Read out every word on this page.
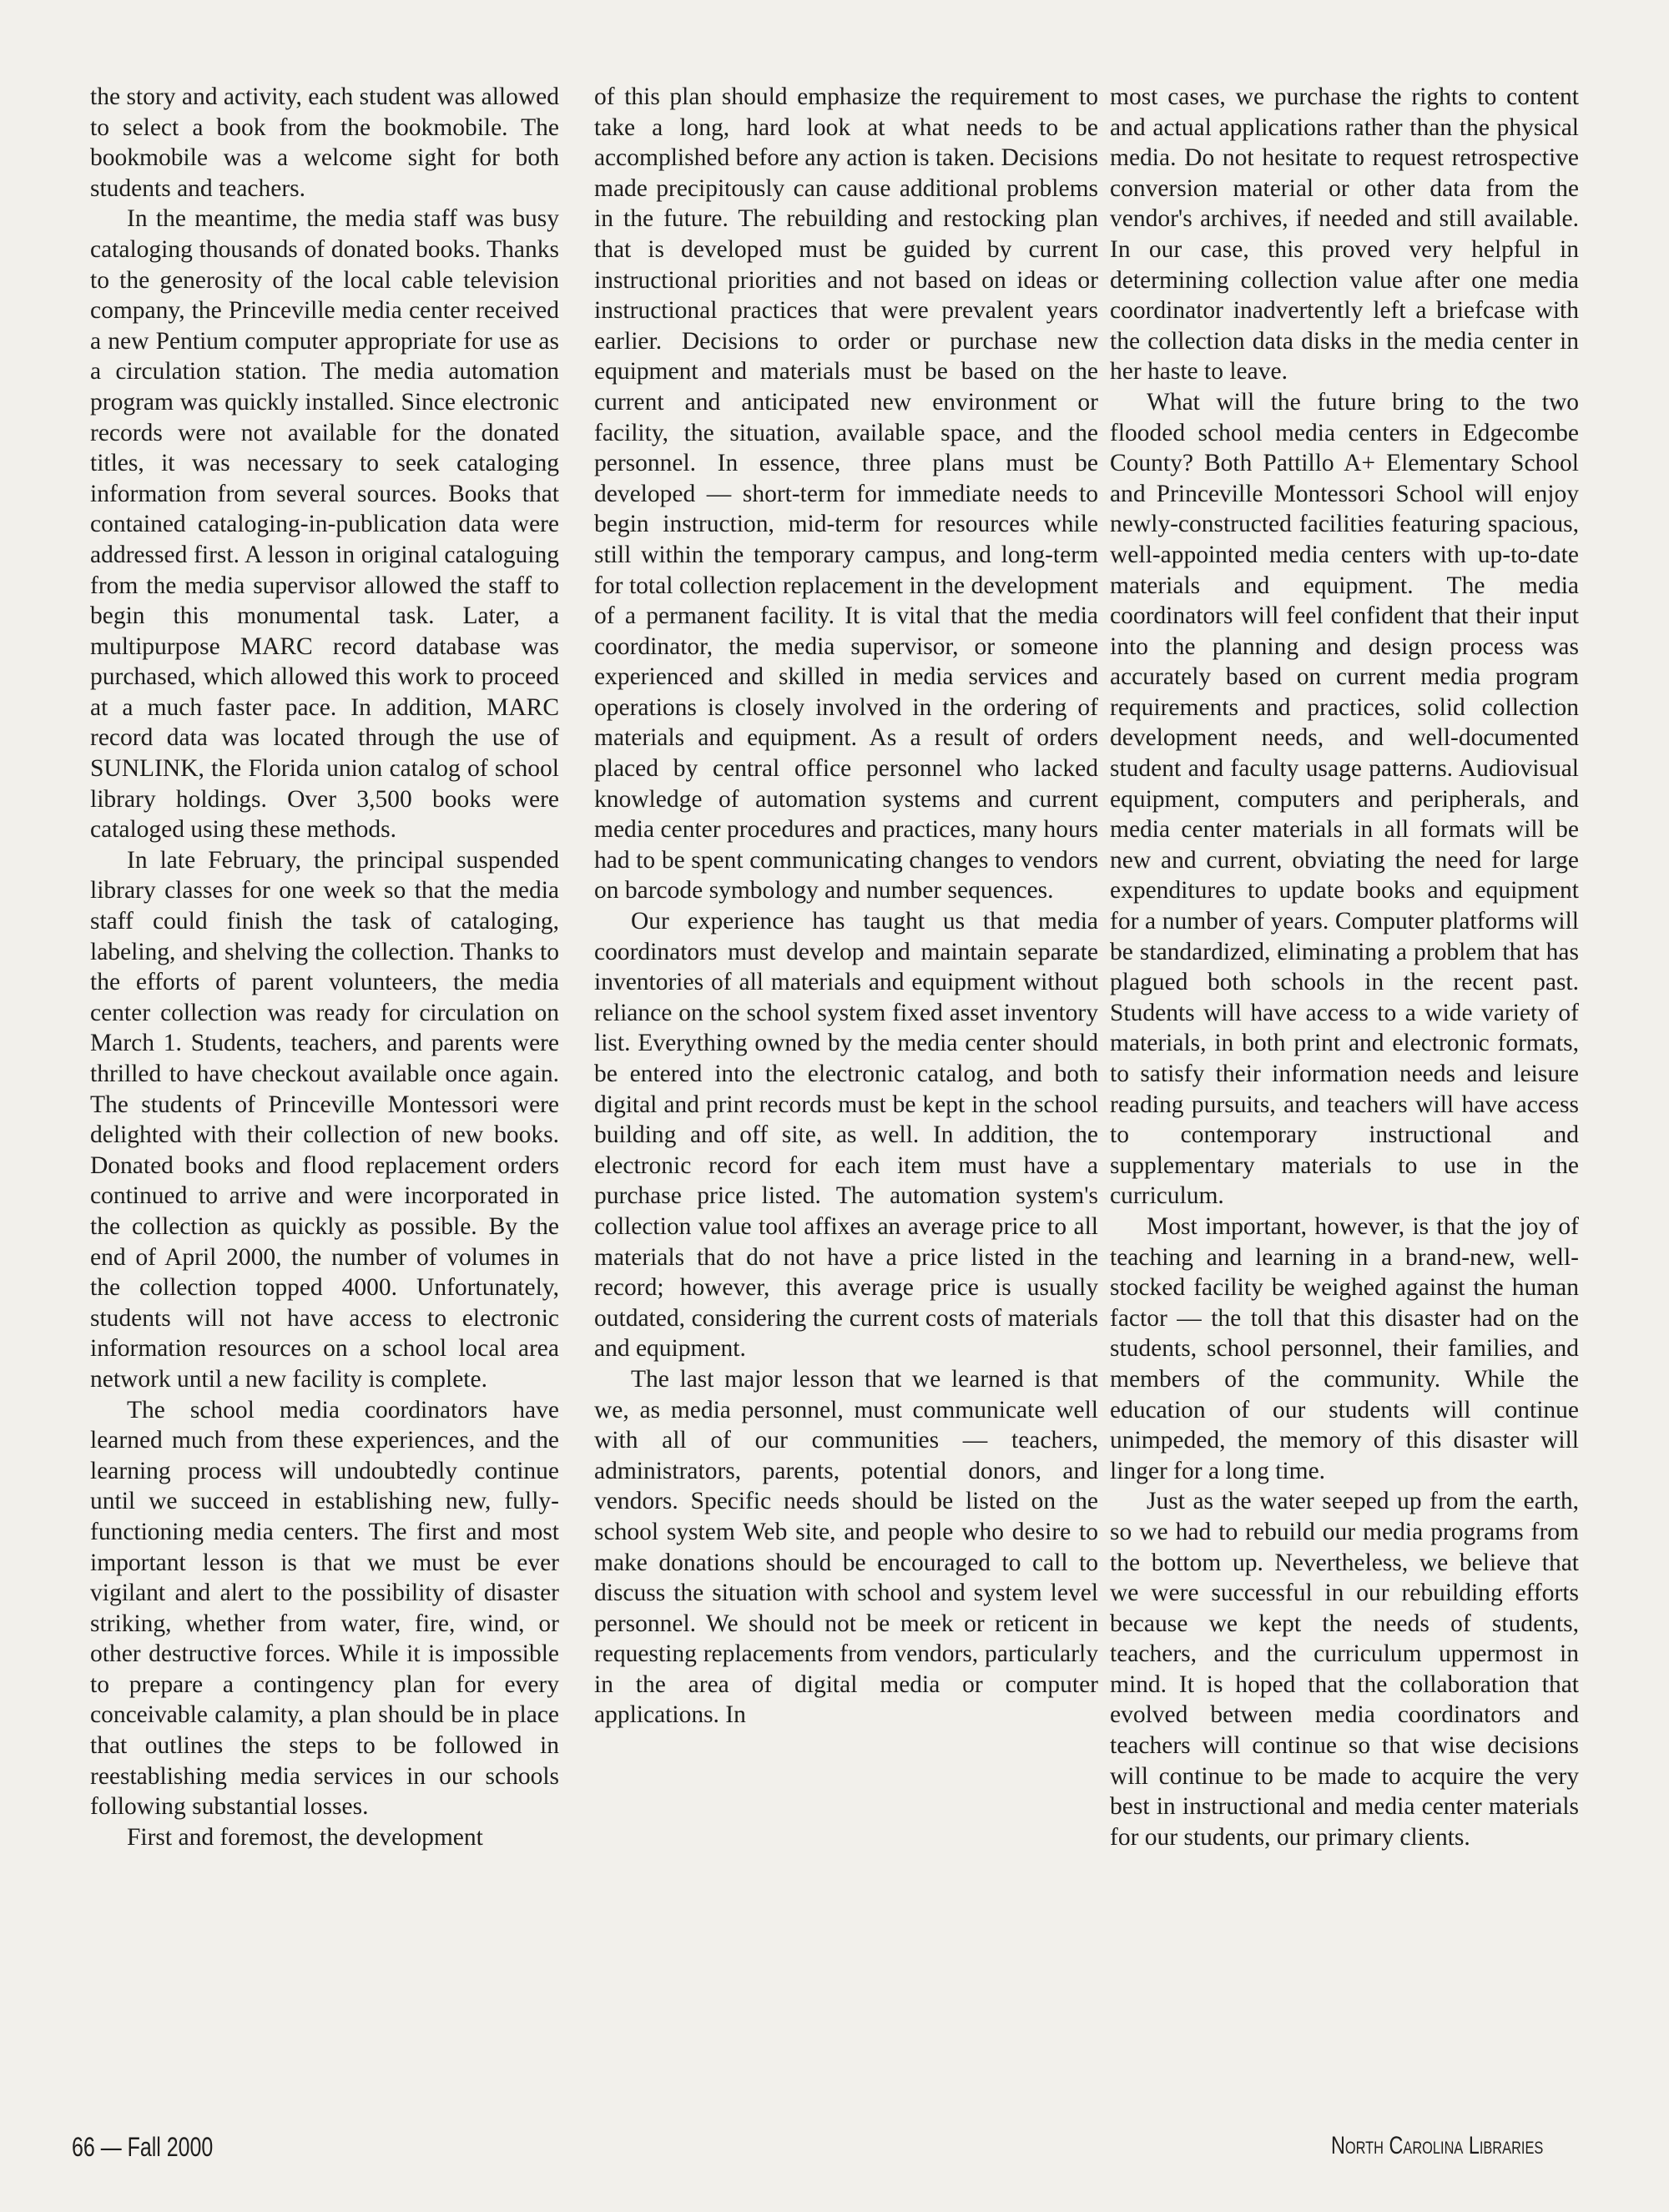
the story and activity, each student was allowed to select a book from the bookmobile. The bookmobile was a welcome sight for both students and teachers.

In the meantime, the media staff was busy cataloging thousands of donated books. Thanks to the generosity of the local cable television company, the Princeville media center received a new Pentium computer appropriate for use as a circulation station. The media automation program was quickly installed. Since electronic records were not available for the donated titles, it was necessary to seek cataloging information from several sources. Books that contained cataloging-in-publication data were addressed first. A lesson in original cataloguing from the media supervisor allowed the staff to begin this monumental task. Later, a multipurpose MARC record database was purchased, which allowed this work to proceed at a much faster pace. In addition, MARC record data was located through the use of SUNLINK, the Florida union catalog of school library holdings. Over 3,500 books were cataloged using these methods.

In late February, the principal suspended library classes for one week so that the media staff could finish the task of cataloging, labeling, and shelving the collection. Thanks to the efforts of parent volunteers, the media center collection was ready for circulation on March 1. Students, teachers, and parents were thrilled to have checkout available once again. The students of Princeville Montessori were delighted with their collection of new books. Donated books and flood replacement orders continued to arrive and were incorporated in the collection as quickly as possible. By the end of April 2000, the number of volumes in the collection topped 4000. Unfortunately, students will not have access to electronic information resources on a school local area network until a new facility is complete.

The school media coordinators have learned much from these experiences, and the learning process will undoubtedly continue until we succeed in establishing new, fully-functioning media centers. The first and most important lesson is that we must be ever vigilant and alert to the possibility of disaster striking, whether from water, fire, wind, or other destructive forces. While it is impossible to prepare a contingency plan for every conceivable calamity, a plan should be in place that outlines the steps to be followed in reestablishing media services in our schools following substantial losses.

First and foremost, the development

of this plan should emphasize the requirement to take a long, hard look at what needs to be accomplished before any action is taken. Decisions made precipitously can cause additional problems in the future. The rebuilding and restocking plan that is developed must be guided by current instructional priorities and not based on ideas or instructional practices that were prevalent years earlier. Decisions to order or purchase new equipment and materials must be based on the current and anticipated new environment or facility, the situation, available space, and the personnel. In essence, three plans must be developed — short-term for immediate needs to begin instruction, mid-term for resources while still within the temporary campus, and long-term for total collection replacement in the development of a permanent facility. It is vital that the media coordinator, the media supervisor, or someone experienced and skilled in media services and operations is closely involved in the ordering of materials and equipment. As a result of orders placed by central office personnel who lacked knowledge of automation systems and current media center procedures and practices, many hours had to be spent communicating changes to vendors on barcode symbology and number sequences.

Our experience has taught us that media coordinators must develop and maintain separate inventories of all materials and equipment without reliance on the school system fixed asset inventory list. Everything owned by the media center should be entered into the electronic catalog, and both digital and print records must be kept in the school building and off site, as well. In addition, the electronic record for each item must have a purchase price listed. The automation system's collection value tool affixes an average price to all materials that do not have a price listed in the record; however, this average price is usually outdated, considering the current costs of materials and equipment.

The last major lesson that we learned is that we, as media personnel, must communicate well with all of our communities — teachers, administrators, parents, potential donors, and vendors. Specific needs should be listed on the school system Web site, and people who desire to make donations should be encouraged to call to discuss the situation with school and system level personnel. We should not be meek or reticent in requesting replacements from vendors, particularly in the area of digital media or computer applications. In

most cases, we purchase the rights to content and actual applications rather than the physical media. Do not hesitate to request retrospective conversion material or other data from the vendor's archives, if needed and still available. In our case, this proved very helpful in determining collection value after one media coordinator inadvertently left a briefcase with the collection data disks in the media center in her haste to leave.

What will the future bring to the two flooded school media centers in Edgecombe County? Both Pattillo A+ Elementary School and Princeville Montessori School will enjoy newly-constructed facilities featuring spacious, well-appointed media centers with up-to-date materials and equipment. The media coordinators will feel confident that their input into the planning and design process was accurately based on current media program requirements and practices, solid collection development needs, and well-documented student and faculty usage patterns. Audiovisual equipment, computers and peripherals, and media center materials in all formats will be new and current, obviating the need for large expenditures to update books and equipment for a number of years. Computer platforms will be standardized, eliminating a problem that has plagued both schools in the recent past. Students will have access to a wide variety of materials, in both print and electronic formats, to satisfy their information needs and leisure reading pursuits, and teachers will have access to contemporary instructional and supplementary materials to use in the curriculum.

Most important, however, is that the joy of teaching and learning in a brand-new, well-stocked facility be weighed against the human factor — the toll that this disaster had on the students, school personnel, their families, and members of the community. While the education of our students will continue unimpeded, the memory of this disaster will linger for a long time.

Just as the water seeped up from the earth, so we had to rebuild our media programs from the bottom up. Nevertheless, we believe that we were successful in our rebuilding efforts because we kept the needs of students, teachers, and the curriculum uppermost in mind. It is hoped that the collaboration that evolved between media coordinators and teachers will continue so that wise decisions will continue to be made to acquire the very best in instructional and media center materials for our students, our primary clients.

66 — Fall 2000	North Carolina Libraries
